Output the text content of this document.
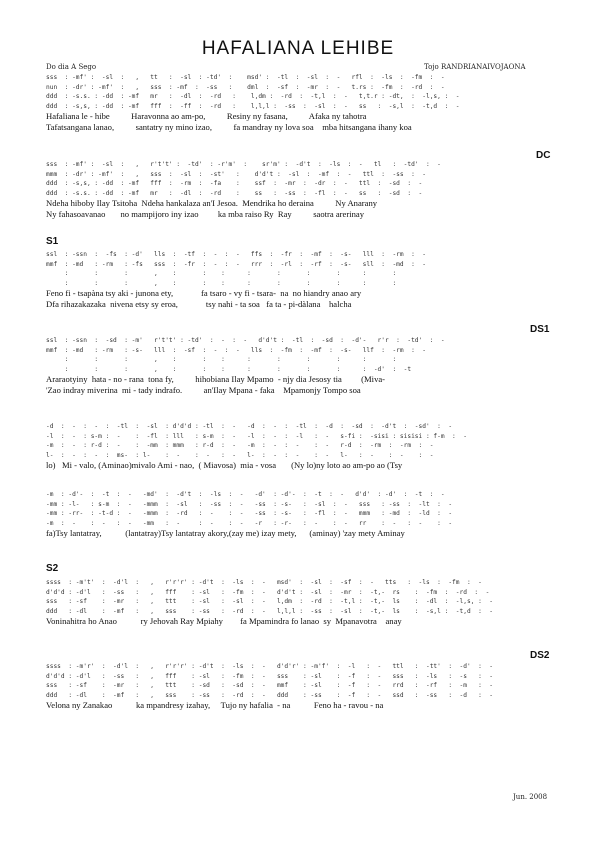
HAFALIANA LEHIBE
Do dia A Sego	Tojo RANDRIANAIVOJAONA
sss  : -mf' :  -sl  :   ,   tt   :  -sl  : -td'  :    msd' :  -tl  :  -sl  :  -   rfl  :  -ls  :  -fm  :  -
nun  : -dr' : -mf'  :   ,   sss  : -mf  :  -ss   :    dml  :  -sf  :  -mr  :  -   t.rs :  -fm  :  -rd  :  -
ddd  : -s.s. : -dd  : -mf   mr   :  -dl  :  -rd   :    l,dm :  -rd  :  -t,l  :  -   t,t.r : -dt,  :  -l,s, :  -
ddd  : -s,s, : -dd  : -mf   fff  :  -ff  :  -rd   :    l,l,l :  -ss  :  -sl  :  -   ss   :  -s,l  :  -t,d  :  -
Hafaliana le - hibe          Haravonna ao am-po,          Resiny ny fasana,          Afaka ny tahotra
Tafatsangana lanao,          santatry ny mino izao,          fa mandray ny lova soa    mba hitsangana ihany koa
DC
sss  : -mf' :  -sl  :   ,   r't't' :  -td'  : -r'm'  :    sr'm' :  -d't  :  -ls  :  -   tl   :  -td'  :  -
mmm  : -dr' : -mf'  :   ,   sss  :  -sl  :  -st'   :    d'd't :  -sl  :  -mf  :  -   ttl  :  -ss  :  -
ddd  : -s,s, : -dd  : -mf   fff  :  -rm  :  -fa    :    ssf  :  -mr  :  -dr  :  -   ttl  :  -sd  :  -
ddd  : -s.s. : -dd  : -mf   mr   :  -dl  :  -rd    :    ss   :  -ss  :  -fl  :  -   ss   :  -sd  :  -
Ndeha hiboby Ilay Tsitoha  Ndeha hankalaza an'I Jesoa.  Mendrika ho deraina          Ny Anarany
Ny fahasoavanao       no mampijoro iny izao         ka mba raiso Ry  Ray          saotra arerinay
S1
ssl  : -ssn  :  -fs  : -d'   lls  :  -tf  :  -  :  -   ffs  :  -fr  :  -mf  :  -s-   lll  :  -rm  :  -
mmf  : -md   : -rm   : -fs   sss  :  -fr  :  -  :  -   rrr  :  -rl  :  -rf  :  -s-   sll  :  -md  :  -
:       :       :       ,    :       :    :      :       :       :       :      :       :
:       :       :       ,    :       :    :      :       :       :       :      :       :
Feno fi - tsapàna tsy aki - junona ety,             fa tsaro - vy fi - tsara-  na  no hiandry anao ary
Dfa rihazakazaka  nivena etsy sy eroa,             tsy nahi - ta soa   fa ta - pi-dàlana    halcha
DS1
ssl  : -ssn  :  -sd  : -m'   r't't' : -td'  :  -  :  -   d'd't :  -tl  :  -sd  :  -d'-   r'r  :  -td'  :  -
mmf  : -md   : -rm   : -s-   lll  :  -sf  :  -  :  -   lls  :  -fm  :  -mf  :  -s-   llf  :  -rm  :  -
:       :       :       ,    :       :    :      :       :       :       :      :       :
:       :       :       ,    :       :    :      :       :       :       :      :  -d'  :  -t
Araraotyiny  hata - no - rana  tona fy,          hihobiana Ilay Mpamo  - njy dia Jesosy tia         (Miva-
'Zao indray miverina  mi - tady indrafo.          an'Ilay Mpana - faka    Mpamonjy Tompo soa
-d  :  -  :  -  :  -tl  :  -sl  : d'd'd : -tl  :  -   -d  :  -  :  -tl  :  -d  :  -sd  :  -d't  :  -sd'  :  -
-l  :  -  : s-m :  -    :  -fl  : lll   : s-m  :  -   -l  :  -  :  -l   :  -   s-fi :  -sisi : sisisi : f-m  :  -
-m  :  -  : r-d :  -    :  -mm  : mmm   : r-d  :  -   -m  :  -  :  -    :  -   r-d  :  -rm  :  -rm  :  -
l-  :  -  :  -  :  ms-  : l-    :  -    :  -   :  -   l-  :  -  :  -    :  -   l-   :  -    :  -    :  -
lo)   Mi - valo, (Aminao)mivalo Ami - nao,  ( Miavosa)  mia - vosa       (Ny lo)ny loto ao am-po ao (Tsy
-m  : -d'-  :  -t  :  -   -md'  :  -d't  :  -ls  :  -   -d'  : -d'-  :  -t  :  -   d'd'  : -d'  :  -t  :  -
-mm : -l-   : s-m  :  -   -mmm  :  -sl   :  -ss  :  -   -ss  : -s-   :  -sl  :  -   sss   : -ss  :  -lt  :  -
-mm : -rr-  : -t-d :  -   -mmm  :  -rd   :  -    :  -   -ss  : -s-   :  -fl  :  -   mmm   : -md  :  -ld  :  -
-m  :  -    :  -   :  -   -mm   :  -     :  -    :  -   -r   : -r-   :  -    :  -   rr    :  -   :  -    :  -
fa)Tsy lantatray,           (lantatray)Tsy lantatray akory,(zay me) izay mety,      (aminay) 'zay mety Aminay
S2
ssss  : -m't'  :  -d'l  :   ,   r'r'r' : -d't  :  -ls  :  -   msd'  :  -sl  :  -sf  :  -   tts   :  -ls  :  -fm  :  -
d'd'd : -d'l   :  -ss   :   ,   fff    : -sl   :  -fm  :  -   d'd't :  -sl  :  -mr  :  -t,-  rs    :  -fm  :  -rd  :  -
sss   : -sf    :  -mr   :   ,   ttt    : -sl   :  -sl  :  -   l,dm  :  -rd  :  -t,l :  -t,-  ls    :  -dl  :  -l,s, :  -
ddd   : -dl    :  -mf   :   ,   sss    : -ss   :  -rd  :  -   l,l,l :  -ss  :  -sl  :  -t,-  ls    :  -s,l :  -t,d  :  -
Voninahitra ho Anao           ry Jehovah Ray Mpiahy        fa Mpamindra fo lanao  sy  Mpanavotra    anay
DS2
ssss  : -m'r'  :  -d'l  :   ,   r'r'r' : -d't  :  -ls  :  -   d'd'r' : -m'f'  :  -l   :  -   ttl   :  -tt'  :  -d'  :  -
d'd'd : -d'l   :  -ss   :   ,   fff    : -sl   :  -fm  :  -   sss    : -sl    :  -f   :  -   sss   :  -ls   :  -s   :  -
sss   : -sf    :  -mr   :   ,   ttt    : -sd   :  -sd  :  -   mmf    : -sl    :  -f   :  -   rrd   :  -rf   :  -m   :  -
ddd   : -dl    :  -mf   :   ,   sss    : -ss   :  -rd  :  -   ddd    : -ss    :  -f   :  -   ssd   :  -ss   :  -d   :  -
Velona ny Zanakao           ka mpandresy izahay,     Tujo ny hafalia  - na           Feno ha - ravou - na
Jun. 2008
